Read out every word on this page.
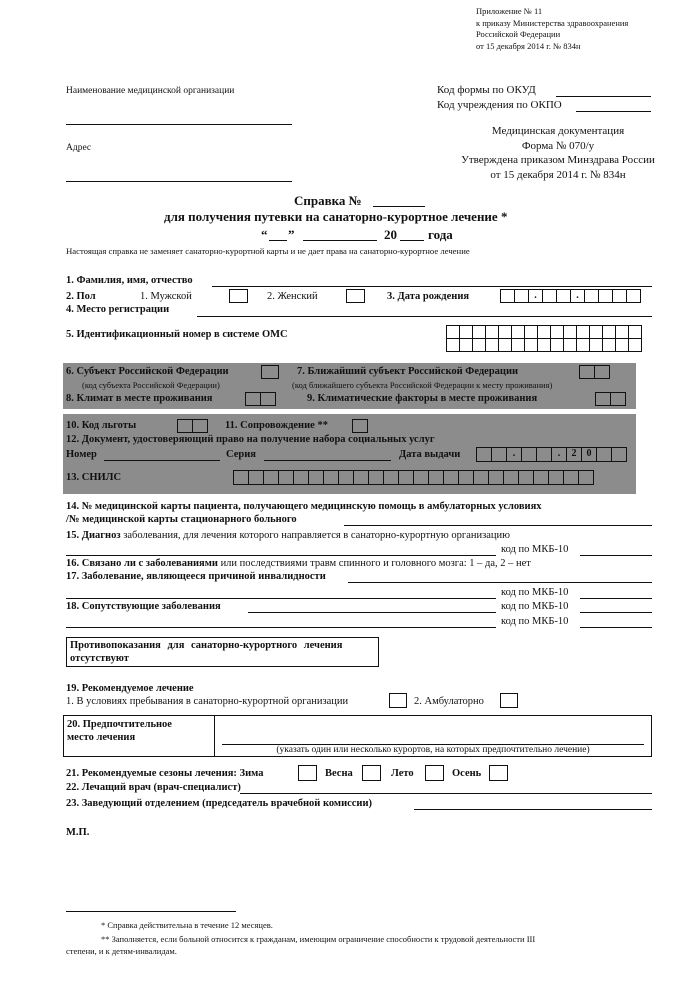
Приложение № 11
к приказу Министерства здравоохранения
Российской Федерации
от 15 декабря 2014 г. № 834н
Наименование медицинской организации
Адрес
Код формы по ОКУД
Код учреждения по ОКПО
Медицинская документация
Форма № 070/у
Утверждена приказом Минздрава России
от 15 декабря 2014 г. № 834н
Справка №
для получения путевки на санаторно-курортное лечение *
“ ”	20 года
Настоящая справка не заменяет санаторно-курортной карты и не дает права на санаторно-курортное лечение
1. Фамилия, имя, отчество
2. Пол	1. Мужской	2. Женский	3. Дата рождения	.	.
4. Место регистрации
5. Идентификационный номер в системе ОМС
6. Субъект Российской Федерации
(код субъекта Российской Федерации)
7. Ближайший субъект Российской Федерации
(код ближайшего субъекта Российской Федерации к месту проживания)
8. Климат в месте проживания	9. Климатические факторы в месте проживания
10. Код льготы	11. Сопровождение **
12. Документ, удостоверяющий право на получение набора социальных услуг
Номер	Серия	Дата выдачи	.	.	2	0
13. СНИЛС
14. № медицинской карты пациента, получающего медицинскую помощь в амбулаторных условиях
/№ медицинской карты стационарного больного
15. Диагноз заболевания, для лечения которого направляется в санаторно-курортную организацию
код по МКБ-10
16. Связано ли с заболеваниями или последствиями травм спинного и головного мозга: 1 – да, 2 – нет
17. Заболевание, являющееся причиной инвалидности
код по МКБ-10
18. Сопутствующие заболевания	код по МКБ-10
код по МКБ-10
Противопоказания для санаторно-курортного лечения
отсутствуют
19. Рекомендуемое лечение
1. В условиях пребывания в санаторно-курортной организации	2. Амбулаторно
20. Предпочтительное
место лечения
(указать один или несколько курортов, на которых предпочтительно лечение)
21. Рекомендуемые сезоны лечения: Зима	Весна	Лето	Осень
22. Лечащий врач (врач-специалист)
23. Заведующий отделением (председатель врачебной комиссии)
М.П.
* Справка действительна в течение 12 месяцев.
** Заполняется, если больной относится к гражданам, имеющим ограничение способности к трудовой деятельности III
степени, и к детям-инвалидам.
